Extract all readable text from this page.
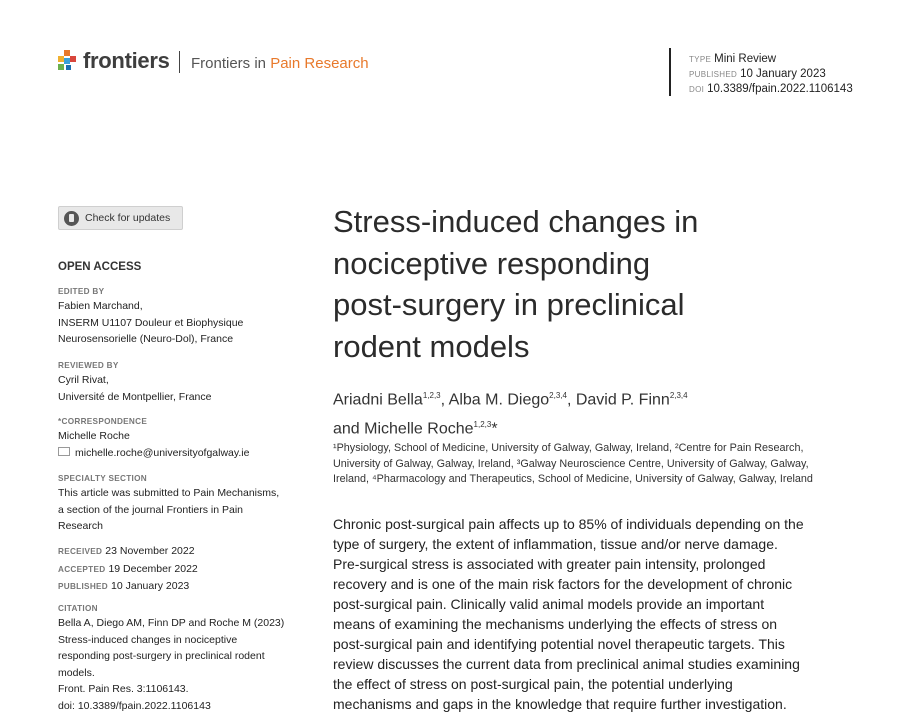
frontiers Frontiers in Pain Research	TYPE Mini Review
PUBLISHED 10 January 2023
DOI 10.3389/fpain.2022.1106143
Check for updates
OPEN ACCESS
EDITED BY
Fabien Marchand,
INSERM U1107 Douleur et Biophysique
Neurosensorielle (Neuro-Dol), France
REVIEWED BY
Cyril Rivat,
Université de Montpellier, France
*CORRESPONDENCE
Michelle Roche
michelle.roche@universityofgalway.ie
SPECIALTY SECTION
This article was submitted to Pain Mechanisms,
a section of the journal Frontiers in Pain
Research
RECEIVED 23 November 2022
ACCEPTED 19 December 2022
PUBLISHED 10 January 2023
CITATION
Bella A, Diego AM, Finn DP and Roche M (2023)
Stress-induced changes in nociceptive
responding post-surgery in preclinical rodent
models.
Front. Pain Res. 3:1106143.
doi: 10.3389/fpain.2022.1106143
Stress-induced changes in
nociceptive responding
post-surgery in preclinical
rodent models
Ariadni Bella$^{1,2,3}$, Alba M. Diego$^{2,3,4}$, David P. Finn$^{2,3,4}$
and Michelle Roche$^{1,2,3}$*
¹Physiology, School of Medicine, University of Galway, Galway, Ireland, ²Centre for Pain Research,
University of Galway, Galway, Ireland, ³Galway Neuroscience Centre, University of Galway, Galway,
Ireland, ⁴Pharmacology and Therapeutics, School of Medicine, University of Galway, Galway, Ireland
Chronic post-surgical pain affects up to 85% of individuals depending on the
type of surgery, the extent of inflammation, tissue and/or nerve damage.
Pre-surgical stress is associated with greater pain intensity, prolonged
recovery and is one of the main risk factors for the development of chronic
post-surgical pain. Clinically valid animal models provide an important
means of examining the mechanisms underlying the effects of stress on
post-surgical pain and identifying potential novel therapeutic targets. This
review discusses the current data from preclinical animal studies examining
the effect of stress on post-surgical pain, the potential underlying
mechanisms and gaps in the knowledge that require further investigation.
